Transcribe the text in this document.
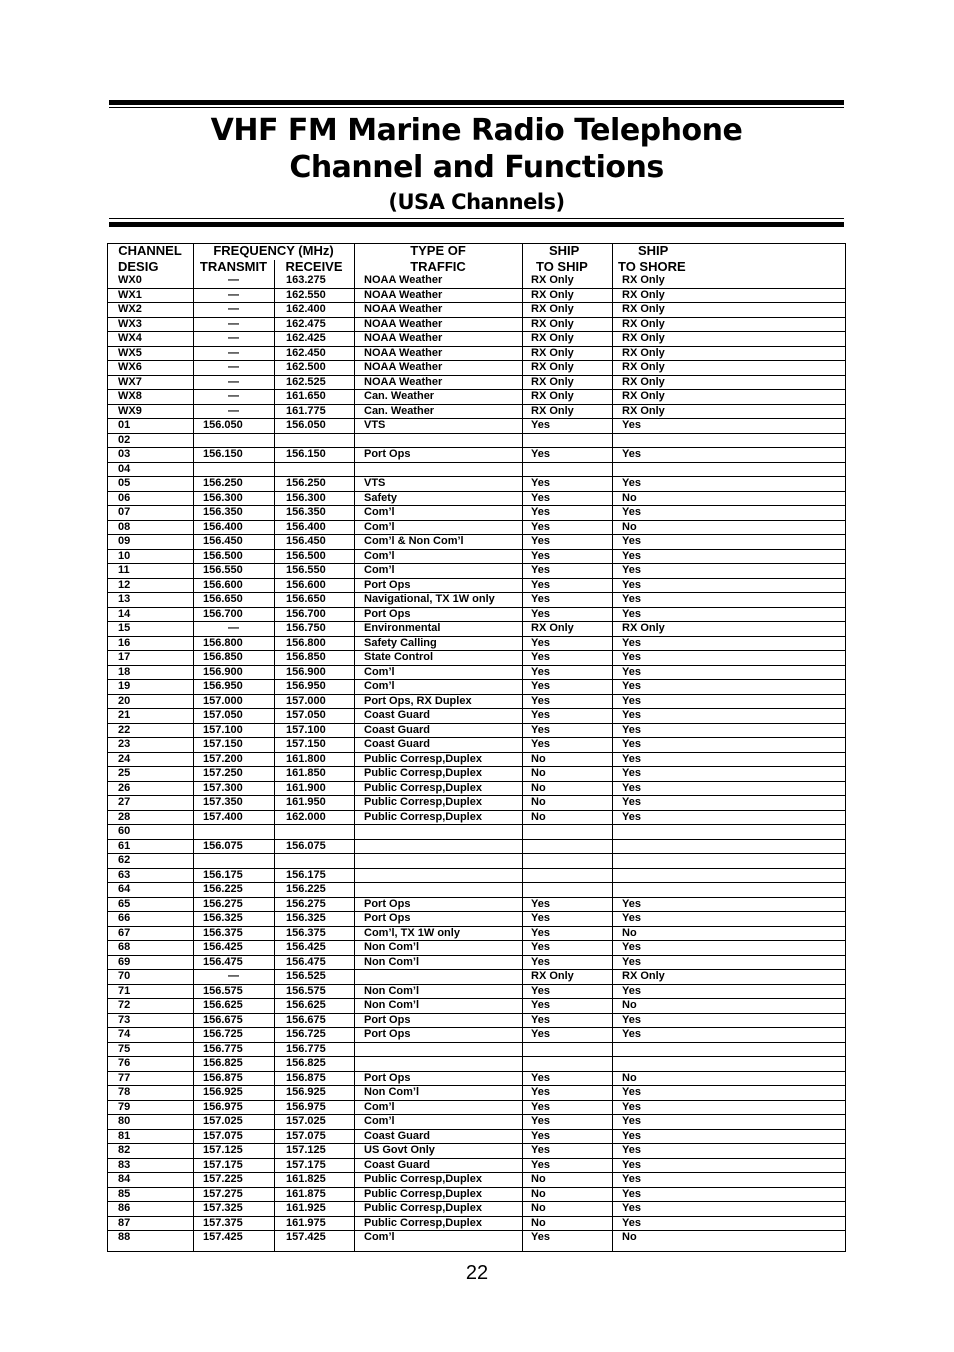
VHF FM Marine Radio Telephone
Channel and Functions
(USA Channels)
CHANNEL	FREQUENCY (MHz)		TYPE OF	SHIP	SHIP
DESIG	TRANSMIT	RECEIVE	TRAFFIC	TO SHIP	TO SHORE
WX0	—	163.275	NOAA Weather	RX Only	RX Only
WX1	—	162.550	NOAA Weather	RX Only	RX Only
WX2	—	162.400	NOAA Weather	RX Only	RX Only
WX3	—	162.475	NOAA Weather	RX Only	RX Only
WX4	—	162.425	NOAA Weather	RX Only	RX Only
WX5	—	162.450	NOAA Weather	RX Only	RX Only
WX6	—	162.500	NOAA Weather	RX Only	RX Only
WX7	—	162.525	NOAA Weather	RX Only	RX Only
WX8	—	161.650	Can. Weather	RX Only	RX Only
WX9	—	161.775	Can. Weather	RX Only	RX Only
01	156.050	156.050	VTS	Yes	Yes
02					
03	156.150	156.150	Port Ops	Yes	Yes
04					
05	156.250	156.250	VTS	Yes	Yes
06	156.300	156.300	Safety	Yes	No
07	156.350	156.350	Com’l	Yes	Yes
08	156.400	156.400	Com’l	Yes	No
09	156.450	156.450	Com’l & Non Com’l	Yes	Yes
10	156.500	156.500	Com’l	Yes	Yes
11	156.550	156.550	Com’l	Yes	Yes
12	156.600	156.600	Port Ops	Yes	Yes
13	156.650	156.650	Navigational, TX 1W only	Yes	Yes
14	156.700	156.700	Port Ops	Yes	Yes
15	—	156.750	Environmental	RX Only	RX Only
16	156.800	156.800	Safety Calling	Yes	Yes
17	156.850	156.850	State Control	Yes	Yes
18	156.900	156.900	Com’l	Yes	Yes
19	156.950	156.950	Com’l	Yes	Yes
20	157.000	157.000	Port Ops, RX Duplex	Yes	Yes
21	157.050	157.050	Coast Guard	Yes	Yes
22	157.100	157.100	Coast Guard	Yes	Yes
23	157.150	157.150	Coast Guard	Yes	Yes
24	157.200	161.800	Public Corresp,Duplex	No	Yes
25	157.250	161.850	Public Corresp,Duplex	No	Yes
26	157.300	161.900	Public Corresp,Duplex	No	Yes
27	157.350	161.950	Public Corresp,Duplex	No	Yes
28	157.400	162.000	Public Corresp,Duplex	No	Yes
60					
61	156.075	156.075			
62					
63	156.175	156.175			
64	156.225	156.225			
65	156.275	156.275	Port Ops	Yes	Yes
66	156.325	156.325	Port Ops	Yes	Yes
67	156.375	156.375	Com’l, TX 1W only	Yes	No
68	156.425	156.425	Non Com’l	Yes	Yes
69	156.475	156.475	Non Com’l	Yes	Yes
70	—	156.525		RX Only	RX Only
71	156.575	156.575	Non Com’l	Yes	Yes
72	156.625	156.625	Non Com’l	Yes	No
73	156.675	156.675	Port Ops	Yes	Yes
74	156.725	156.725	Port Ops	Yes	Yes
75	156.775	156.775			
76	156.825	156.825			
77	156.875	156.875	Port Ops	Yes	No
78	156.925	156.925	Non Com’l	Yes	Yes
79	156.975	156.975	Com’l	Yes	Yes
80	157.025	157.025	Com’l	Yes	Yes
81	157.075	157.075	Coast Guard	Yes	Yes
82	157.125	157.125	US Govt Only	Yes	Yes
83	157.175	157.175	Coast Guard	Yes	Yes
84	157.225	161.825	Public Corresp,Duplex	No	Yes
85	157.275	161.875	Public Corresp,Duplex	No	Yes
86	157.325	161.925	Public Corresp,Duplex	No	Yes
87	157.375	161.975	Public Corresp,Duplex	No	Yes
88	157.425	157.425	Com’l	Yes	No
22
